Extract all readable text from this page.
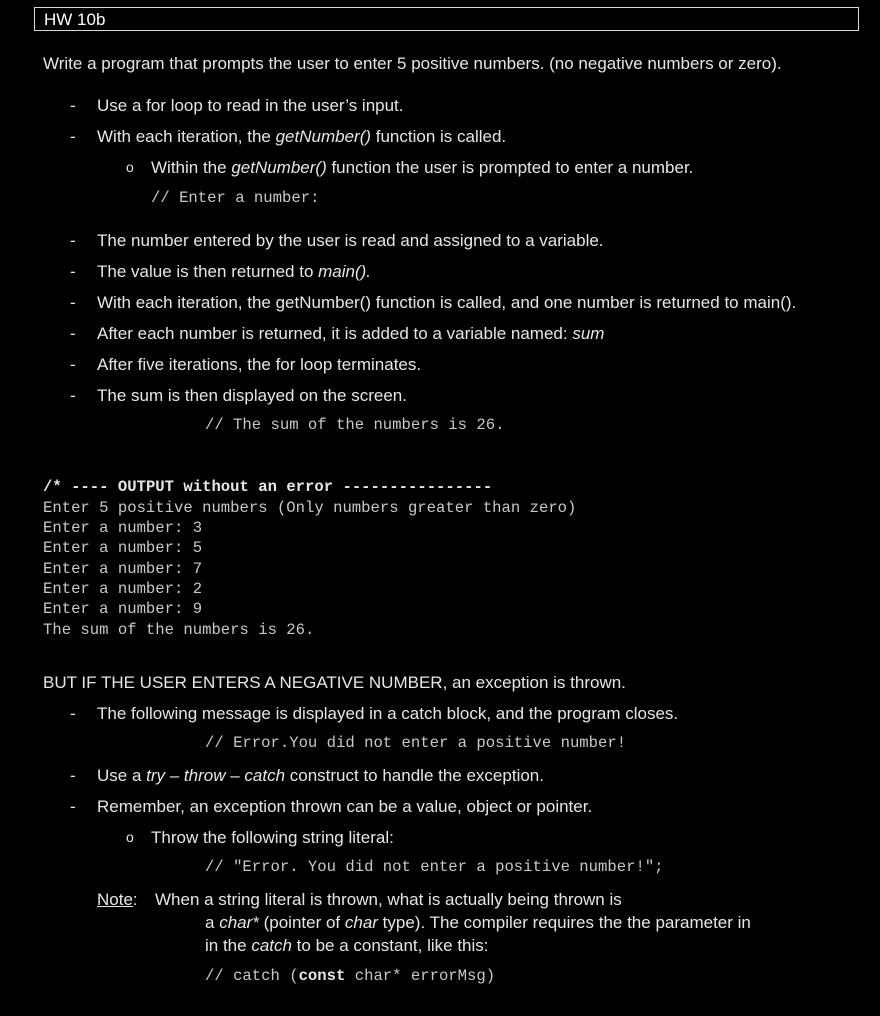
HW 10b
Write a program that prompts the user to enter 5 positive numbers. (no negative numbers or zero).
- Use a for loop to read in the user’s input.
- With each iteration, the getNumber() function is called.
o Within the getNumber() function the user is prompted to enter a number.
// Enter a number:
- The number entered by the user is read and assigned to a variable.
- The value is then returned to main().
- With each iteration, the getNumber() function is called, and one number is returned to main().
- After each number is returned, it is added to a variable named: sum
- After five iterations, the for loop terminates.
- The sum is then displayed on the screen.
// The sum of the numbers is 26.
/* ---- OUTPUT without an error ----------------
Enter 5 positive numbers (Only numbers greater than zero)
Enter a number: 3
Enter a number: 5
Enter a number: 7
Enter a number: 2
Enter a number: 9
The sum of the numbers is 26.
BUT IF THE USER ENTERS A NEGATIVE NUMBER, an exception is thrown.
- The following message is displayed in a catch block, and the program closes.
// Error.You did not enter a positive number!
- Use a try – throw – catch construct to handle the exception.
- Remember, an exception thrown can be a value, object or pointer.
o Throw the following string literal:
// "Error. You did not enter a positive number!";
Note: When a string literal is thrown, what is actually being thrown is
a char* (pointer of char type). The compiler requires the the parameter in
in the catch to be a constant, like this:
// catch (const char* errorMsg)
